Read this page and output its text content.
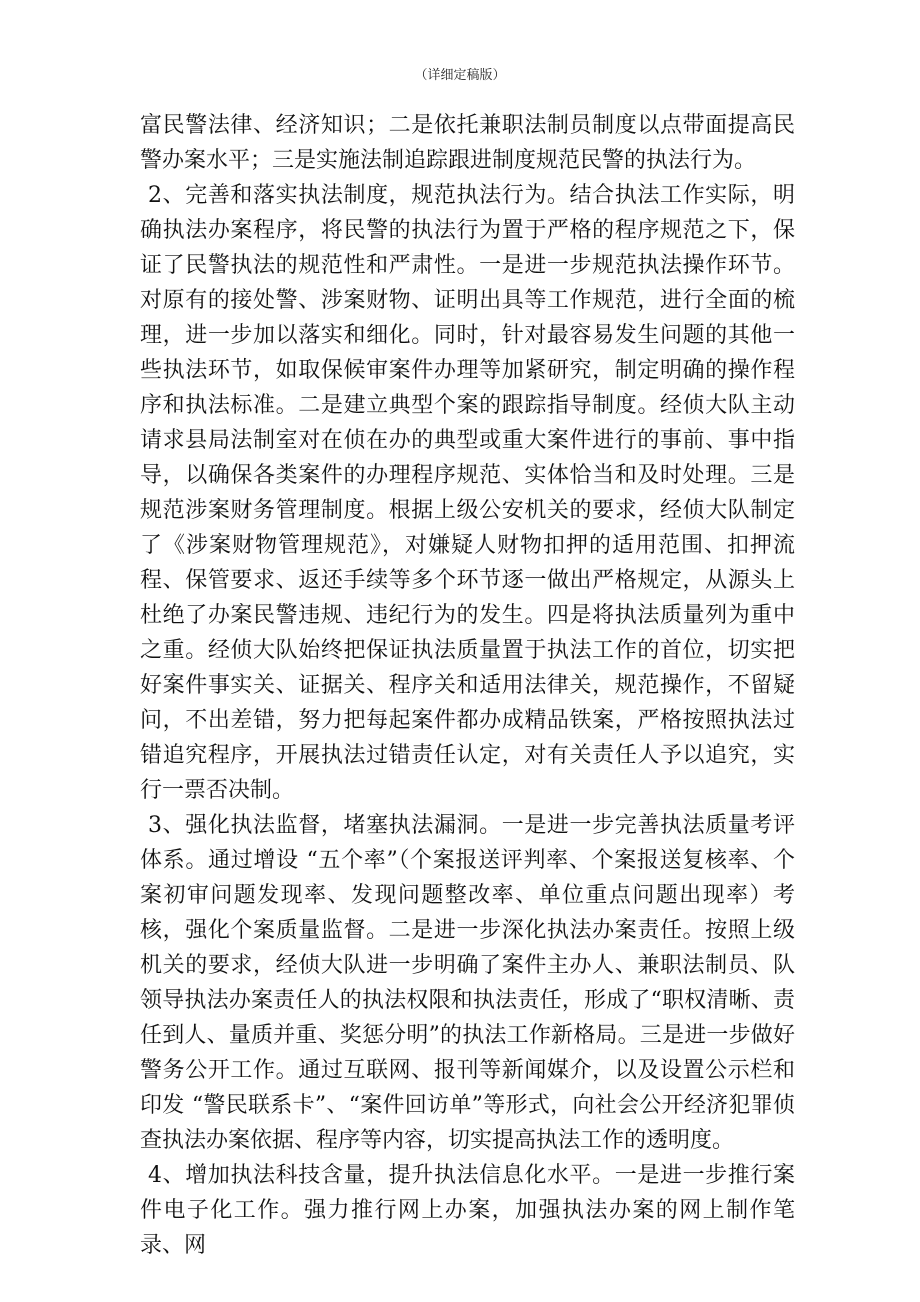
（详细定稿版）

富民警法律、经济知识；二是依托兼职法制员制度以点带面提高民警办案水平；三是实施法制追踪跟进制度规范民警的执法行为。

2、完善和落实执法制度，规范执法行为。结合执法工作实际，明确执法办案程序，将民警的执法行为置于严格的程序规范之下，保证了民警执法的规范性和严肃性。一是进一步规范执法操作环节。对原有的接处警、涉案财物、证明出具等工作规范，进行全面的梳理，进一步加以落实和细化。同时，针对最容易发生问题的其他一些执法环节，如取保候审案件办理等加紧研究，制定明确的操作程序和执法标准。二是建立典型个案的跟踪指导制度。经侦大队主动请求县局法制室对在侦在办的典型或重大案件进行的事前、事中指导，以确保各类案件的办理程序规范、实体恰当和及时处理。三是规范涉案财务管理制度。根据上级公安机关的要求，经侦大队制定了《涉案财物管理规范》，对嫌疑人财物扣押的适用范围、扣押流程、保管要求、返还手续等多个环节逐一做出严格规定，从源头上杜绝了办案民警违规、违纪行为的发生。四是将执法质量列为重中之重。经侦大队始终把保证执法质量置于执法工作的首位，切实把好案件事实关、证据关、程序关和适用法律关，规范操作，不留疑问，不出差错，努力把每起案件都办成精品铁案，严格按照执法过错追究程序，开展执法过错责任认定，对有关责任人予以追究，实行一票否决制。

3、强化执法监督，堵塞执法漏洞。一是进一步完善执法质量考评体系。通过增设 “五个率”（个案报送评判率、个案报送复核率、个案初审问题发现率、发现问题整改率、单位重点问题出现率）考核，强化个案质量监督。二是进一步深化执法办案责任。按照上级机关的要求，经侦大队进一步明确了案件主办人、兼职法制员、队领导执法办案责任人的执法权限和执法责任，形成了“职权清晰、责任到人、量质并重、奖惩分明”的执法工作新格局。三是进一步做好警务公开工作。通过互联网、报刊等新闻媒介，以及设置公示栏和印发 “警民联系卡”、“案件回访单”等形式，向社会公开经济犯罪侦查执法办案依据、程序等内容，切实提高执法工作的透明度。

4、增加执法科技含量，提升执法信息化水平。一是进一步推行案件电子化工作。强力推行网上办案，加强执法办案的网上制作笔录、网
